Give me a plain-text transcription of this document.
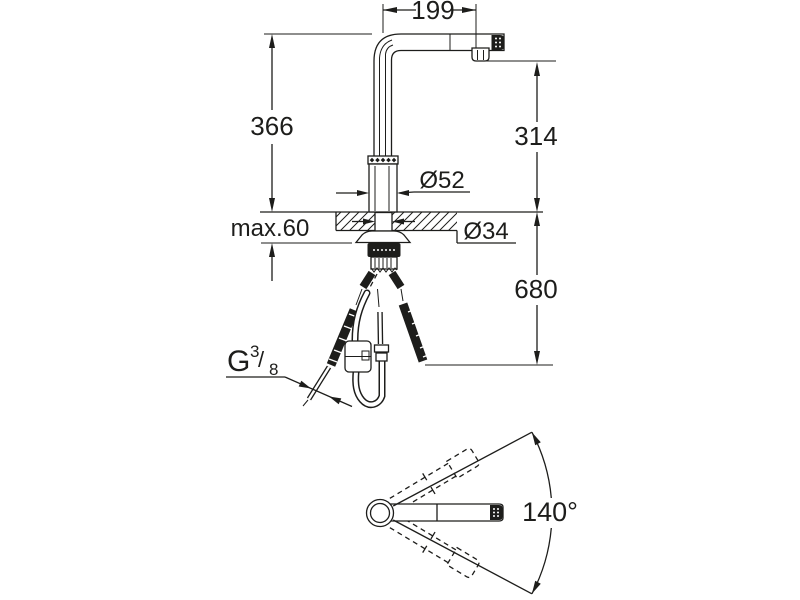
199
366	314
680
max.60
Ø52
Ø34
G3/ 8
140°
